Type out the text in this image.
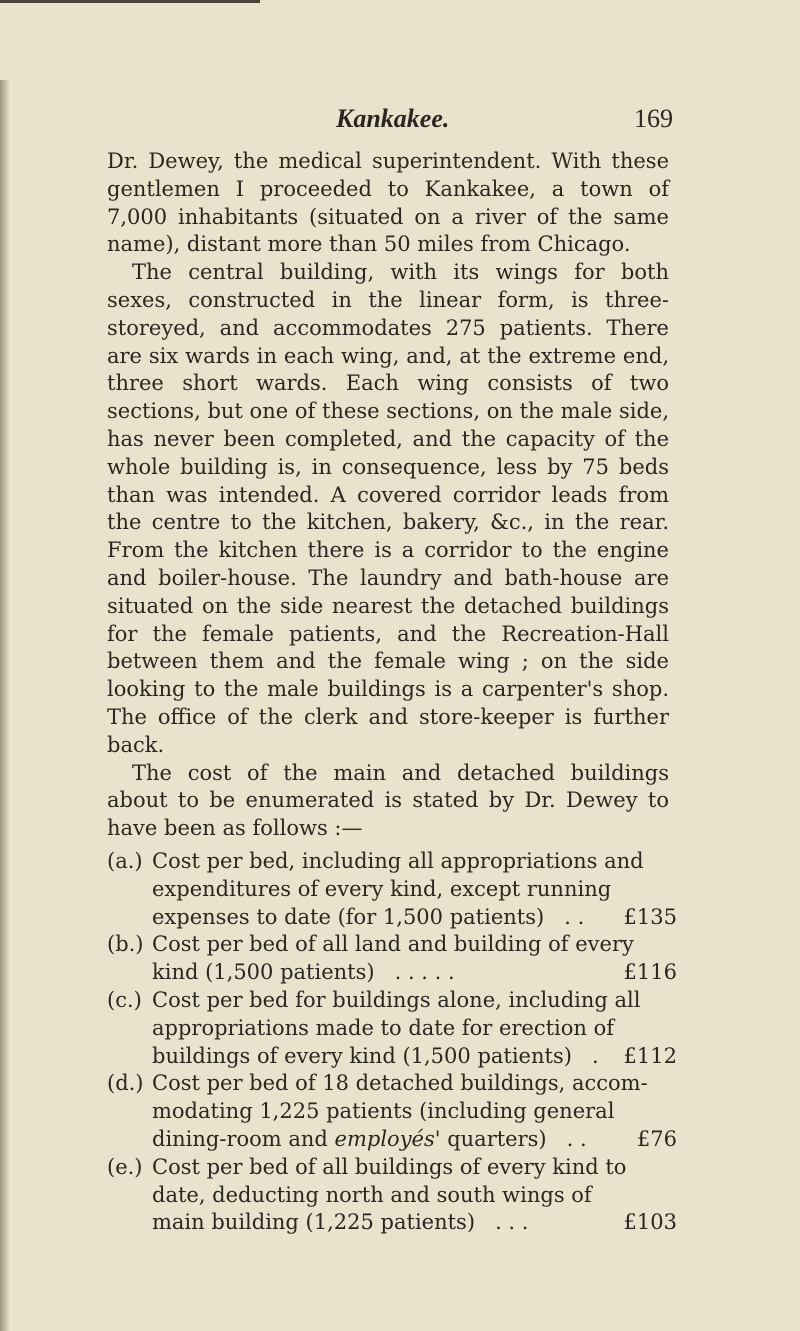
Kankakee.	169

Dr. Dewey, the medical superintendent. With these gentlemen I proceeded to Kankakee, a town of 7,000 inhabitants (situated on a river of the same name), distant more than 50 miles from Chicago.

The central building, with its wings for both sexes, constructed in the linear form, is three-storeyed, and accommodates 275 patients. There are six wards in each wing, and, at the extreme end, three short wards. Each wing consists of two sections, but one of these sections, on the male side, has never been completed, and the capacity of the whole building is, in consequence, less by 75 beds than was intended. A covered corridor leads from the centre to the kitchen, bakery, &c., in the rear. From the kitchen there is a corridor to the engine and boiler-house. The laundry and bath-house are situated on the side nearest the detached buildings for the female patients, and the Recreation-Hall between them and the female wing ; on the side looking to the male buildings is a carpenter's shop. The office of the clerk and store-keeper is further back.

The cost of the main and detached buildings about to be enumerated is stated by Dr. Dewey to have been as follows :—

(a.) Cost per bed, including all appropriations and
expenditures of every kind, except running
expenses to date (for 1,500 patients) . . £135
(b.) Cost per bed of all land and building of every
kind (1,500 patients) . . . . .	£116
(c.) Cost per bed for buildings alone, including all
appropriations made to date for erection of
buildings of every kind (1,500 patients) . £112
(d.) Cost per bed of 18 detached buildings, accom-
modating 1,225 patients (including general
dining-room and employés' quarters) . . £76
(e.) Cost per bed of all buildings of every kind to
date, deducting north and south wings of
main building (1,225 patients) . . .	£103
